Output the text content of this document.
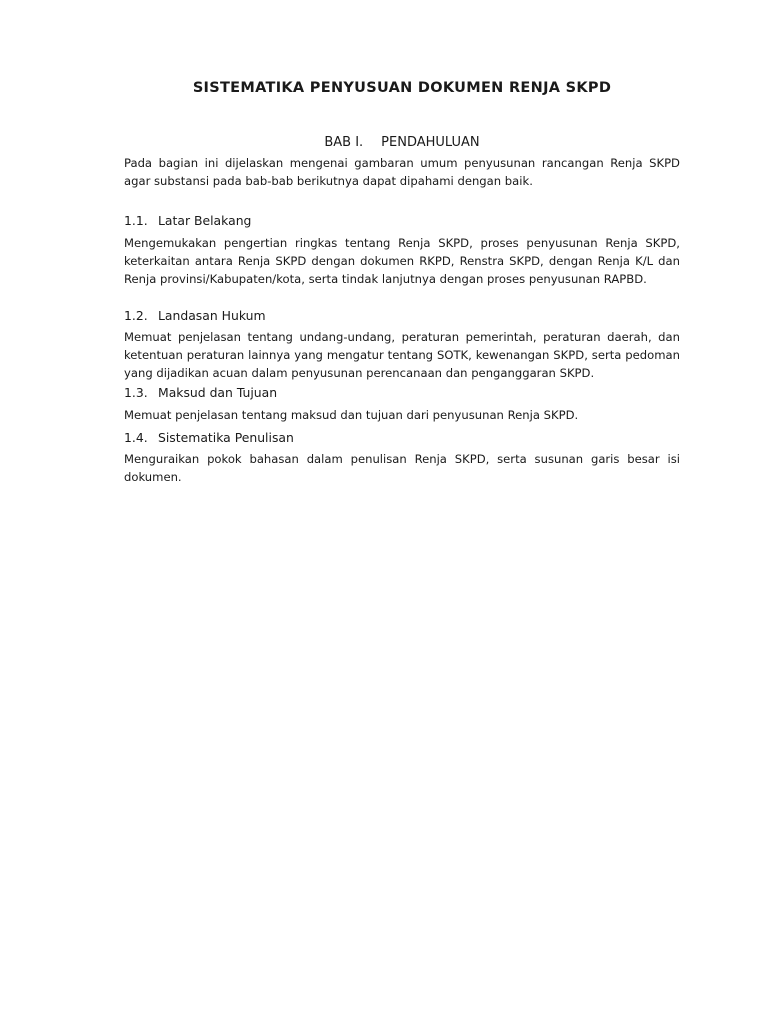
SISTEMATIKA PENYUSUAN DOKUMEN RENJA SKPD
BAB I. PENDAHULUAN

Pada bagian ini dijelaskan mengenai gambaran umum penyusunan rancangan Renja SKPD agar substansi pada bab-bab berikutnya dapat dipahami dengan baik.

1.1. Latar Belakang

Mengemukakan pengertian ringkas tentang Renja SKPD, proses penyusunan Renja SKPD, keterkaitan antara Renja SKPD dengan dokumen RKPD, Renstra SKPD, dengan Renja K/L dan Renja provinsi/Kabupaten/kota, serta tindak lanjutnya dengan proses penyusunan RAPBD.

1.2. Landasan Hukum

Memuat penjelasan tentang undang-undang, peraturan pemerintah, peraturan daerah, dan ketentuan peraturan lainnya yang mengatur tentang SOTK, kewenangan SKPD, serta pedoman yang dijadikan acuan dalam penyusunan perencanaan dan penganggaran SKPD.

1.3. Maksud dan Tujuan

Memuat penjelasan tentang maksud dan tujuan dari penyusunan Renja SKPD.

1.4. Sistematika Penulisan

Menguraikan pokok bahasan dalam penulisan Renja SKPD, serta susunan garis besar isi dokumen.
